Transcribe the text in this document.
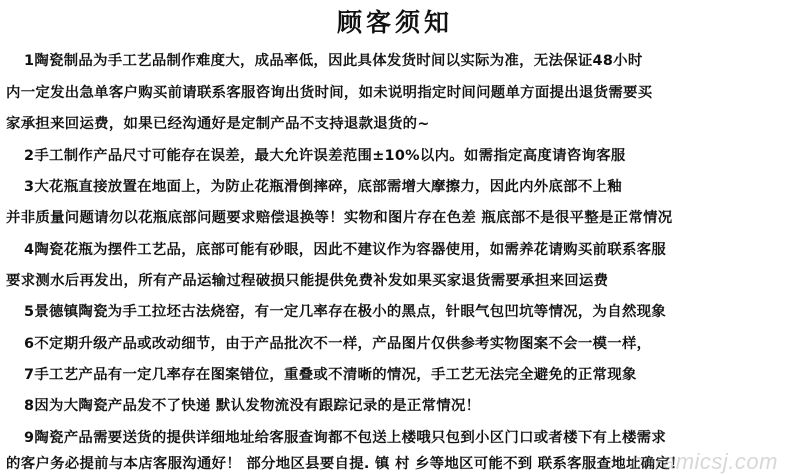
顾客须知
1陶瓷制品为手工艺品制作难度大，成品率低，因此具体发货时间以实际为准，无法保证48小时
内一定发出急单客户购买前请联系客服咨询出货时间，如未说明指定时间问题单方面提出退货需要买
家承担来回运费，如果已经沟通好是定制产品不支持退款退货的~
2手工制作产品尺寸可能存在误差，最大允许误差范围±10%以内。如需指定高度请咨询客服
3大花瓶直接放置在地面上，为防止花瓶滑倒摔碎，底部需增大摩擦力，因此内外底部不上釉
并非质量问题请勿以花瓶底部问题要求赔偿退换等！实物和图片存在色差 瓶底部不是很平整是正常情况
4陶瓷花瓶为摆件工艺品，底部可能有砂眼，因此不建议作为容器使用，如需养花请购买前联系客服
要求测水后再发出，所有产品运输过程破损只能提供免费补发如果买家退货需要承担来回运费
5景德镇陶瓷为手工拉坯古法烧窑，有一定几率存在极小的黑点，针眼气包凹坑等情况，为自然现象
6不定期升级产品或改动细节，由于产品批次不一样，产品图片仅供参考实物图案不会一模一样，
7手工艺产品有一定几率存在图案错位，重叠或不清晰的情况，手工艺无法完全避免的正常现象
8因为大陶瓷产品发不了快递 默认发物流没有跟踪记录的是正常情况！
9陶瓷产品需要送货的提供详细地址给客服查询都不包送上楼哦只包到小区门口或者楼下有上楼需求
的客户务必提前与本店客服沟通好！ 部分地区县要自提. 镇 村 乡等地区可能不到 联系客服查地址确定！
ceramicsj.com
